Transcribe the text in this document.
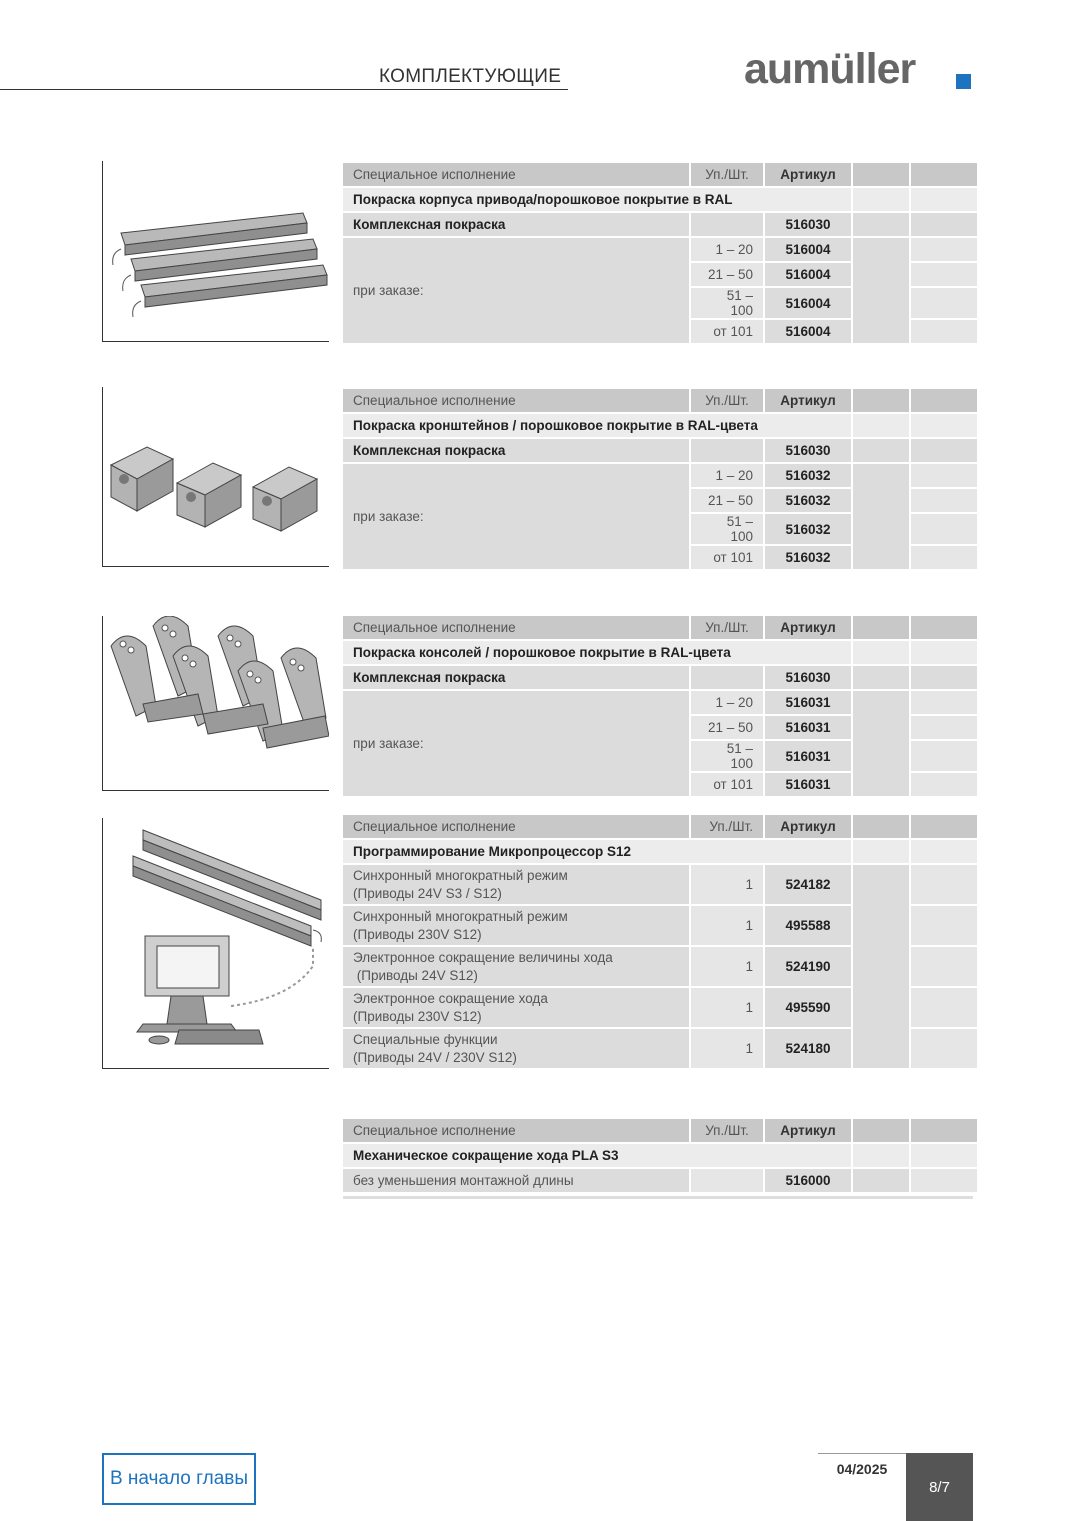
КОМПЛЕКТУЮЩИЕ	aumüller
Специальное исполнение	Уп./Шт.	Артикул		
Покраска корпуса привода/порошковое покрытие в RAL				
Комплексная покраска		516030		
при заказе:	1 – 20	516004		
	21 – 50	516004		
	51 – 100	516004		
	от 101	516004		
Специальное исполнение	Уп./Шт.	Артикул		
Покраска кронштейнов / порошковое покрытие в RAL-цвета				
Комплексная покраска		516030		
при заказе:	1 – 20	516032		
	21 – 50	516032		
	51 – 100	516032		
	от 101	516032		
Специальное исполнение	Уп./Шт.	Артикул		
Покраска консолей / порошковое покрытие в RAL-цвета				
Комплексная покраска		516030		
при заказе:	1 – 20	516031		
	21 – 50	516031		
	51 – 100	516031		
	от 101	516031		
Специальное исполнение	Уп./Шт.	Артикул		
Программирование Микропроцессор S12				

Синхронный многократный режим
(Приводы 24V S3 / S12)	1	524182		

Синхронный многократный режим
(Приводы 230V S12)	1	495588		

Электронное сокращение величины хода
(Приводы 24V S12)	1	524190		

Электронное сокращение хода
(Приводы 230V S12)	1	495590		

Специальные функции
(Приводы 24V / 230V S12)	1	524180		
Специальное исполнение	Уп./Шт.	Артикул		
Механическое сокращение хода PLA S3				
без уменьшения монтажной длины		516000		
В начало главы	04/2025
8/7
